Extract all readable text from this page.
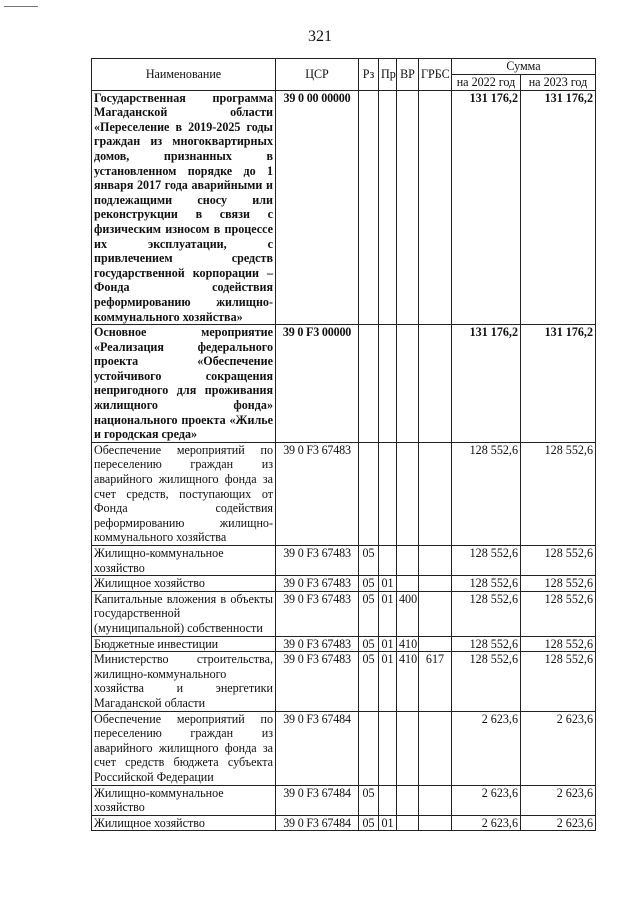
321
Наименование	ЦСР	Рз	Пр	ВР	ГРБС	Сумма	
						на 2022 год	на 2023 год
Государственная программа Магаданской области «Переселение в 2019-2025 годы граждан из многоквартирных домов, признанных в установленном порядке до 1 января 2017 года аварийными и подлежащими сносу или реконструкции в связи с физическим износом в процессе их эксплуатации, с привлечением средств государственной корпорации – Фонда содействия реформированию жилищно-коммунального хозяйства»	39 0 00 00000					131 176,2	131 176,2
Основное мероприятие «Реализация федерального проекта «Обеспечение устойчивого сокращения непригодного для проживания жилищного фонда» национального проекта «Жилье и городская среда»	39 0 F3 00000					131 176,2	131 176,2
Обеспечение мероприятий по переселению граждан из аварийного жилищного фонда за счет средств, поступающих от Фонда содействия реформированию жилищно-коммунального хозяйства	39 0 F3 67483					128 552,6	128 552,6
Жилищно-коммунальное хозяйство	39 0 F3 67483	05				128 552,6	128 552,6
Жилищное хозяйство	39 0 F3 67483	05	01			128 552,6	128 552,6
Капитальные вложения в объекты государственной (муниципальной) собственности	39 0 F3 67483	05	01	400		128 552,6	128 552,6
Бюджетные инвестиции	39 0 F3 67483	05	01	410		128 552,6	128 552,6
Министерство строительства, жилищно-коммунального хозяйства и энергетики Магаданской области	39 0 F3 67483	05	01	410	617	128 552,6	128 552,6
Обеспечение мероприятий по переселению граждан из аварийного жилищного фонда за счет средств бюджета субъекта Российской Федерации	39 0 F3 67484					2 623,6	2 623,6
Жилищно-коммунальное хозяйство	39 0 F3 67484	05				2 623,6	2 623,6
Жилищное хозяйство	39 0 F3 67484	05	01			2 623,6	2 623,6
